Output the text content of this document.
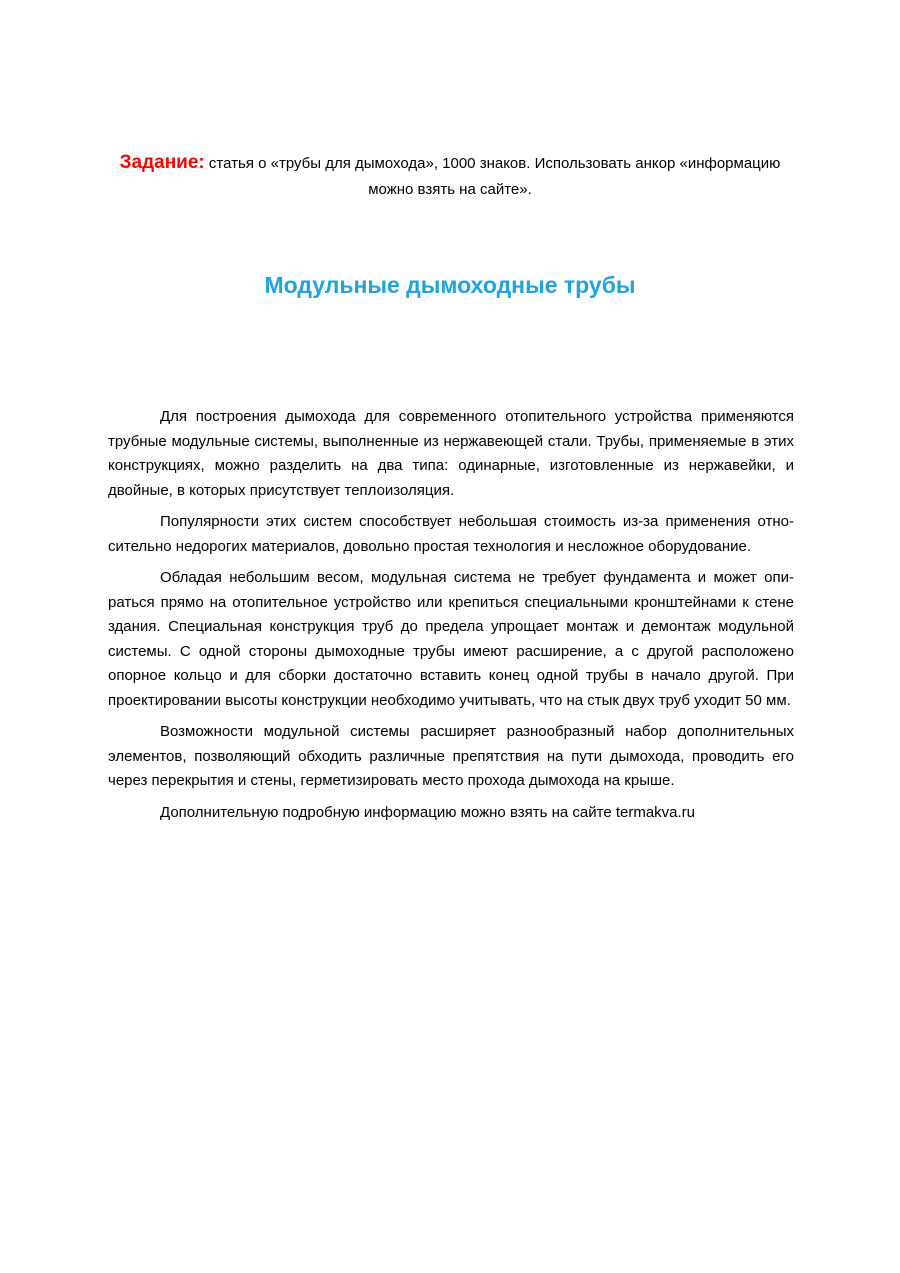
Задание: статья о «трубы для дымохода», 1000 знаков. Использовать анкор «информацию можно взять на сайте».
Модульные дымоходные трубы

Для построения дымохода для современного отопительного устройства применяются трубные модульные системы, выполненные из нержавеющей стали. Трубы, применяемые в этих конструкциях, можно разделить на два типа: одинарные, изготовленные из нержавейки, и двойные, в которых присутствует теплоизоляция.

Популярности этих систем способствует небольшая стоимость из-за применения относительно недорогих материалов, довольно простая технология и несложное оборудование.

Обладая небольшим весом, модульная система не требует фундамента и может опираться прямо на отопительное устройство или крепиться специальными кронштейнами к стене здания. Специальная конструкция труб до предела упрощает монтаж и демонтаж модульной системы. С одной стороны дымоходные трубы имеют расширение, а с другой расположено опорное кольцо и для сборки достаточно вставить конец одной трубы в начало другой. При проектировании высоты конструкции необходимо учитывать, что на стык двух труб уходит 50 мм.

Возможности модульной системы расширяет разнообразный набор дополнительных элементов, позволяющий обходить различные препятствия на пути дымохода, проводить его через перекрытия и стены, герметизировать место прохода дымохода на крыше.

Дополнительную подробную информацию можно взять на сайте termakva.ru
